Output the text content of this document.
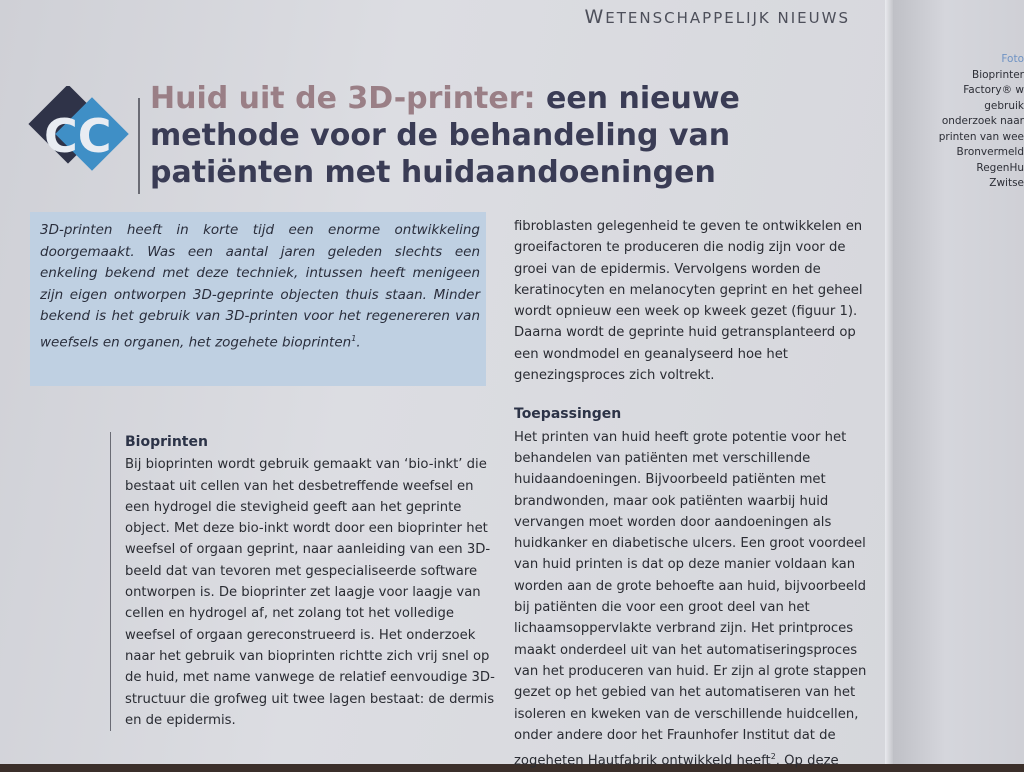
WETENSCHAPPELIJK NIEUWS
CC
Huid uit de 3D-printer: een nieuwe methode voor de behandeling van patiënten met huidaandoeningen

3D-printen heeft in korte tijd een enorme ontwikkeling doorgemaakt. Was een aantal jaren geleden slechts een enkeling bekend met deze techniek, intussen heeft menigeen zijn eigen ontworpen 3D-geprinte objecten thuis staan. Minder bekend is het gebruik van 3D-printen voor het regenereren van weefsels en organen, het zogehete bioprinten$^1$.

Bioprinten

Bij bioprinten wordt gebruik gemaakt van ‘bio-inkt’ die bestaat uit cellen van het desbetreffende weefsel en een hydrogel die stevigheid geeft aan het geprinte object. Met deze bio-inkt wordt door een bioprinter het weefsel of orgaan geprint, naar aanleiding van een 3D-beeld dat van tevoren met gespecialiseerde software ontworpen is. De bioprinter zet laagje voor laagje van cellen en hydrogel af, net zolang tot het volledige weefsel of orgaan gereconstrueerd is. Het onderzoek naar het gebruik van bioprinten richtte zich vrij snel op de huid, met name vanwege de relatief eenvoudige 3D-structuur die grofweg uit twee lagen bestaat: de dermis en de epidermis.

fibroblasten gelegenheid te geven te ontwikkelen en groeifactoren te produceren die nodig zijn voor de groei van de epidermis. Vervolgens worden de keratinocyten en melanocyten geprint en het geheel wordt opnieuw een week op kweek gezet (figuur 1). Daarna wordt de geprinte huid getransplanteerd op een wondmodel en geanalyseerd hoe het genezingsproces zich voltrekt.

Toepassingen

Het printen van huid heeft grote potentie voor het behandelen van patiënten met verschillende huidaandoeningen. Bijvoorbeeld patiënten met brandwonden, maar ook patiënten waarbij huid vervangen moet worden door aandoeningen als huidkanker en diabetische ulcers. Een groot voordeel van huid printen is dat op deze manier voldaan kan worden aan de grote behoefte aan huid, bijvoorbeeld bij patiënten die voor een groot deel van het lichaamsoppervlakte verbrand zijn. Het printproces maakt onderdeel uit van het automatiseringsproces van het produceren van huid. Er zijn al grote stappen gezet op het gebied van het automatiseren van het isoleren en kweken van de verschillende huidcellen, onder andere door het Fraunhofer Institut dat de zogeheten Hautfabrik ontwikkeld heeft$^2$. Op deze

Foto
Bioprinter
Factory® w
gebruik
onderzoek naar
printen van wee
Bronvermeld
RegenHu
Zwitse
